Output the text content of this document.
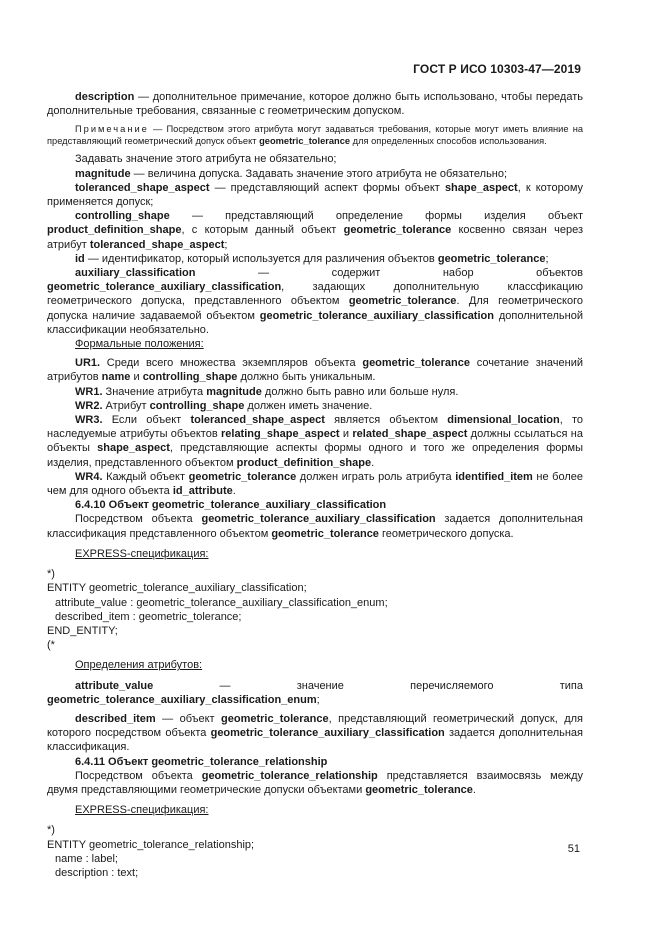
ГОСТ Р ИСО 10303-47—2019

description — дополнительное примечание, которое должно быть использовано, чтобы передать дополнительные требования, связанные с геометрическим допуском.

Примечание — Посредством этого атрибута могут задаваться требования, которые могут иметь влияние на представляющий геометрический допуск объект geometric_tolerance для определенных способов использования.

Задавать значение этого атрибута не обязательно;

magnitude — величина допуска. Задавать значение этого атрибута не обязательно;

toleranced_shape_aspect — представляющий аспект формы объект shape_aspect, к которому применяется допуск;

controlling_shape — представляющий определение формы изделия объект product_definition_shape, с которым данный объект geometric_tolerance косвенно связан через атрибут toleranced_shape_aspect;

id — идентификатор, который используется для различения объектов geometric_tolerance;

auxiliary_classification — содержит набор объектов geometric_tolerance_auxiliary_classification, задающих дополнительную классфикацию геометрического допуска, представленного объектом geometric_tolerance. Для геометрического допуска наличие задаваемой объектом geometric_tolerance_auxiliary_classification дополнительной классификации необязательно.

Формальные положения:

UR1. Среди всего множества экземпляров объекта geometric_tolerance сочетание значений атрибутов name и controlling_shape должно быть уникальным.

WR1. Значение атрибута magnitude должно быть равно или больше нуля.

WR2. Атрибут controlling_shape должен иметь значение.

WR3. Если объект toleranced_shape_aspect является объектом dimensional_location, то наследуемые атрибуты объектов relating_shape_aspect и related_shape_aspect должны ссылаться на объекты shape_aspect, представляющие аспекты формы одного и того же определения формы изделия, представленного объектом product_definition_shape.

WR4. Каждый объект geometric_tolerance должен играть роль атрибута identified_item не более чем для одного объекта id_attribute.

6.4.10 Объект geometric_tolerance_auxiliary_classification

Посредством объекта geometric_tolerance_auxiliary_classification задается дополнительная классификация представленного объектом geometric_tolerance геометрического допуска.

EXPRESS-спецификация:

*)

ENTITY geometric_tolerance_auxiliary_classification;

attribute_value : geometric_tolerance_auxiliary_classification_enum;

described_item : geometric_tolerance;

END_ENTITY;

(*

Определения атрибутов:

attribute_value — значение перечисляемого типа geometric_tolerance_auxiliary_classification_enum;

described_item — объект geometric_tolerance, представляющий геометрический допуск, для которого посредством объекта geometric_tolerance_auxiliary_classification задается дополнительная классификация.

6.4.11 Объект geometric_tolerance_relationship

Посредством объекта geometric_tolerance_relationship представляется взаимосвязь между двумя представляющими геометрические допуски объектами geometric_tolerance.

EXPRESS-спецификация:

*)

ENTITY geometric_tolerance_relationship;

name : label;

description : text;

51
